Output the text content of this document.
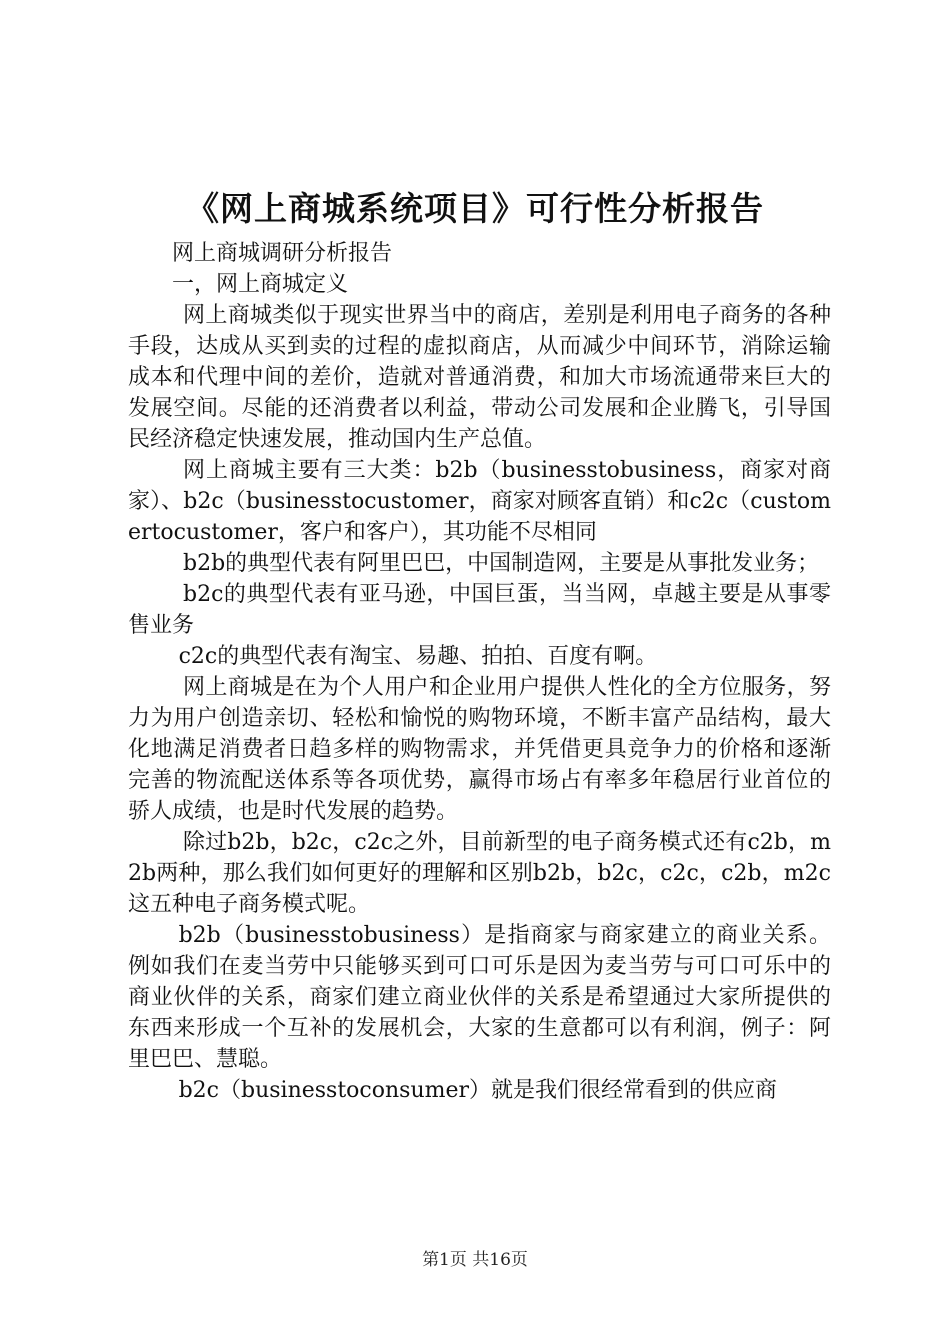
《网上商城系统项目》可行性分析报告

网上商城调研分析报告

一，网上商城定义

网上商城类似于现实世界当中的商店，差别是利用电子商务的各种手段，达成从买到卖的过程的虚拟商店，从而减少中间环节，消除运输成本和代理中间的差价，造就对普通消费，和加大市场流通带来巨大的发展空间。尽能的还消费者以利益，带动公司发展和企业腾飞，引导国民经济稳定快速发展，推动国内生产总值。

网上商城主要有三大类：b2b（businesstobusiness，商家对商家）、b2c（businesstocustomer，商家对顾客直销）和c2c（customertocustomer，客户和客户），其功能不尽相同

b2b的典型代表有阿里巴巴，中国制造网，主要是从事批发业务；

b2c的典型代表有亚马逊，中国巨蛋，当当网，卓越主要是从事零售业务

c2c的典型代表有淘宝、易趣、拍拍、百度有啊。

网上商城是在为个人用户和企业用户提供人性化的全方位服务，努力为用户创造亲切、轻松和愉悦的购物环境，不断丰富产品结构，最大化地满足消费者日趋多样的购物需求，并凭借更具竞争力的价格和逐渐完善的物流配送体系等各项优势，赢得市场占有率多年稳居行业首位的骄人成绩，也是时代发展的趋势。

除过b2b，b2c，c2c之外，目前新型的电子商务模式还有c2b，m2b两种，那么我们如何更好的理解和区别b2b，b2c，c2c，c2b，m2c这五种电子商务模式呢。

b2b（businesstobusiness）是指商家与商家建立的商业关系。例如我们在麦当劳中只能够买到可口可乐是因为麦当劳与可口可乐中的商业伙伴的关系，商家们建立商业伙伴的关系是希望通过大家所提供的东西来形成一个互补的发展机会，大家的生意都可以有利润，例子：阿里巴巴、慧聪。

b2c（businesstoconsumer）就是我们很经常看到的供应商

第1页 共16页
